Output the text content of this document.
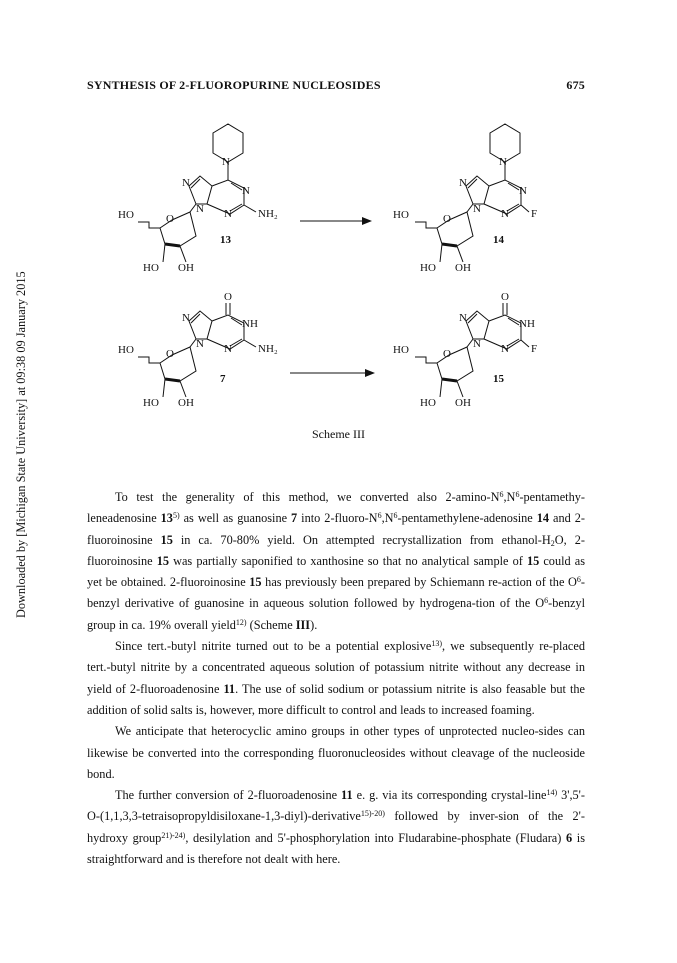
SYNTHESIS OF 2-FLUOROPURINE NUCLEOSIDES	675
Downloaded by [Michigan State University] at 09:38 09 January 2015
HO	O
N
N
N
N
N NH₂
HO OH
13
HO	O
N
N
N
N
N F
HO OH
14
O
HO	O
N
N
NH
N NH₂
HO OH
7
O
HO	O
N
N
NH
N F
HO OH
15
Scheme III

To test the generality of this method, we converted also $2-amino-N^6,N^6-pentamethy$-leneadenosine 13$^{5)}$ as well as guanosine 7 into $2-fluoro-N^6,N^6-pentamethylene$-adenosine 14 and 2-fluoroinosine 15 in ca. 70-80% yield. On attempted recrystallization from ethanol-$H_2O$, 2-fluoroinosine 15 was partially saponified to xanthosine so that no analytical sample of 15 could as yet be obtained. 2-fluoroinosine 15 has previously been prepared by Schiemann re-action of the $O^6$-benzyl derivative of guanosine in aqueous solution followed by hydrogena-tion of the $O^6$-benzyl group in ca. 19% overall yield$^{12)}$ (Scheme III).

Since tert.-butyl nitrite turned out to be a potential explosive$^{13)}$, we subsequently re-placed tert.-butyl nitrite by a concentrated aqueous solution of potassium nitrite without any decrease in yield of 2-fluoroadenosine 11. The use of solid sodium or potassium nitrite is also feasable but the addition of solid salts is, however, more difficult to control and leads to increased foaming.

We anticipate that heterocyclic amino groups in other types of unprotected nucleo-sides can likewise be converted into the corresponding fluoronucleosides without cleavage of the nucleoside bond.

The further conversion of 2-fluoroadenosine 11 e. g. via its corresponding crystal-line$^{14)}$ 3',5'-O-(1,1,3,3-tetraisopropyldisiloxane-1,3-diyl)-derivative$^{15)-20)}$ followed by inver-sion of the 2'-hydroxy group$^{21)-24)}$, desilylation and 5'-phosphorylation into Fludarabine-phosphate (Fludara) 6 is straightforward and is therefore not dealt with here.
